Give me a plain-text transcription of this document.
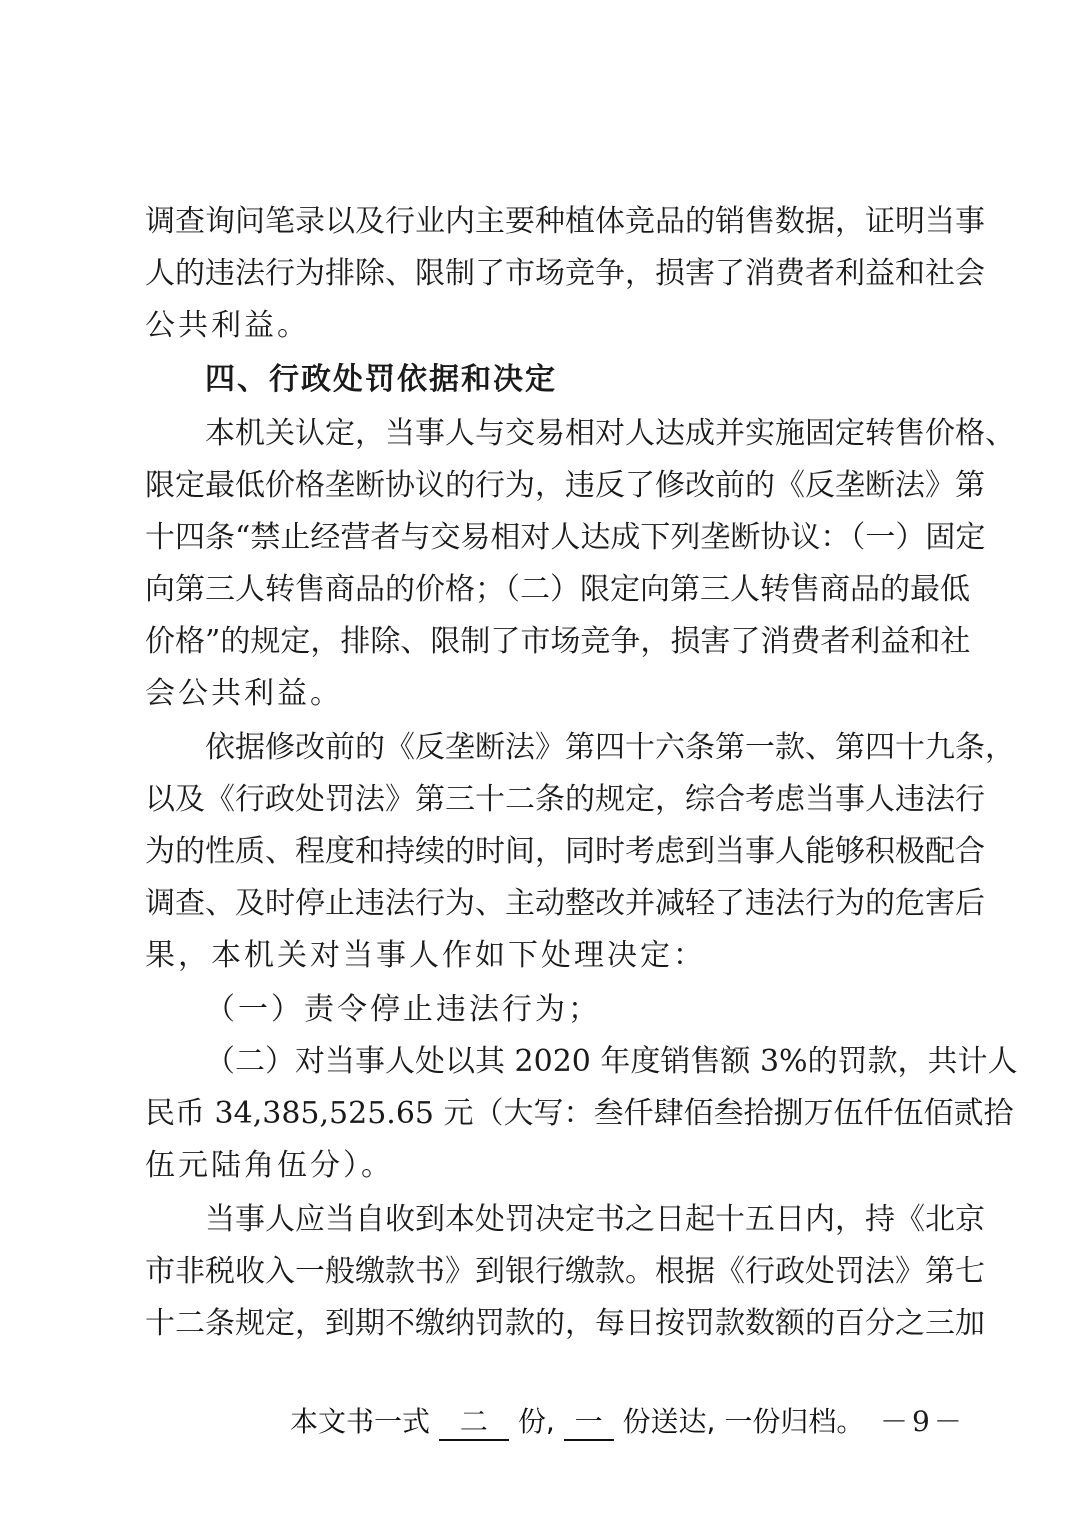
调查询问笔录以及行业内主要种植体竞品的销售数据，证明当事
人的违法行为排除、限制了市场竞争，损害了消费者利益和社会
公共利益。
四、行政处罚依据和决定
本机关认定，当事人与交易相对人达成并实施固定转售价格、
限定最低价格垄断协议的行为，违反了修改前的《反垄断法》第
十四条“禁止经营者与交易相对人达成下列垄断协议：（一）固定
向第三人转售商品的价格；（二）限定向第三人转售商品的最低
价格”的规定，排除、限制了市场竞争，损害了消费者利益和社
会公共利益。
依据修改前的《反垄断法》第四十六条第一款、第四十九条，
以及《行政处罚法》第三十二条的规定，综合考虑当事人违法行
为的性质、程度和持续的时间，同时考虑到当事人能够积极配合
调查、及时停止违法行为、主动整改并减轻了违法行为的危害后
果，本机关对当事人作如下处理决定：
（一）责令停止违法行为；
（二）对当事人处以其 2020 年度销售额 3%的罚款，共计人
民币 34,385,525.65 元（大写：叁仟肆佰叁拾捌万伍仟伍佰贰拾
伍元陆角伍分）。
当事人应当自收到本处罚决定书之日起十五日内，持《北京
市非税收入一般缴款书》到银行缴款。根据《行政处罚法》第七
十二条规定，到期不缴纳罚款的，每日按罚款数额的百分之三加
本文书一式 二 份, 一 份送达, 一份归档。 －9－
